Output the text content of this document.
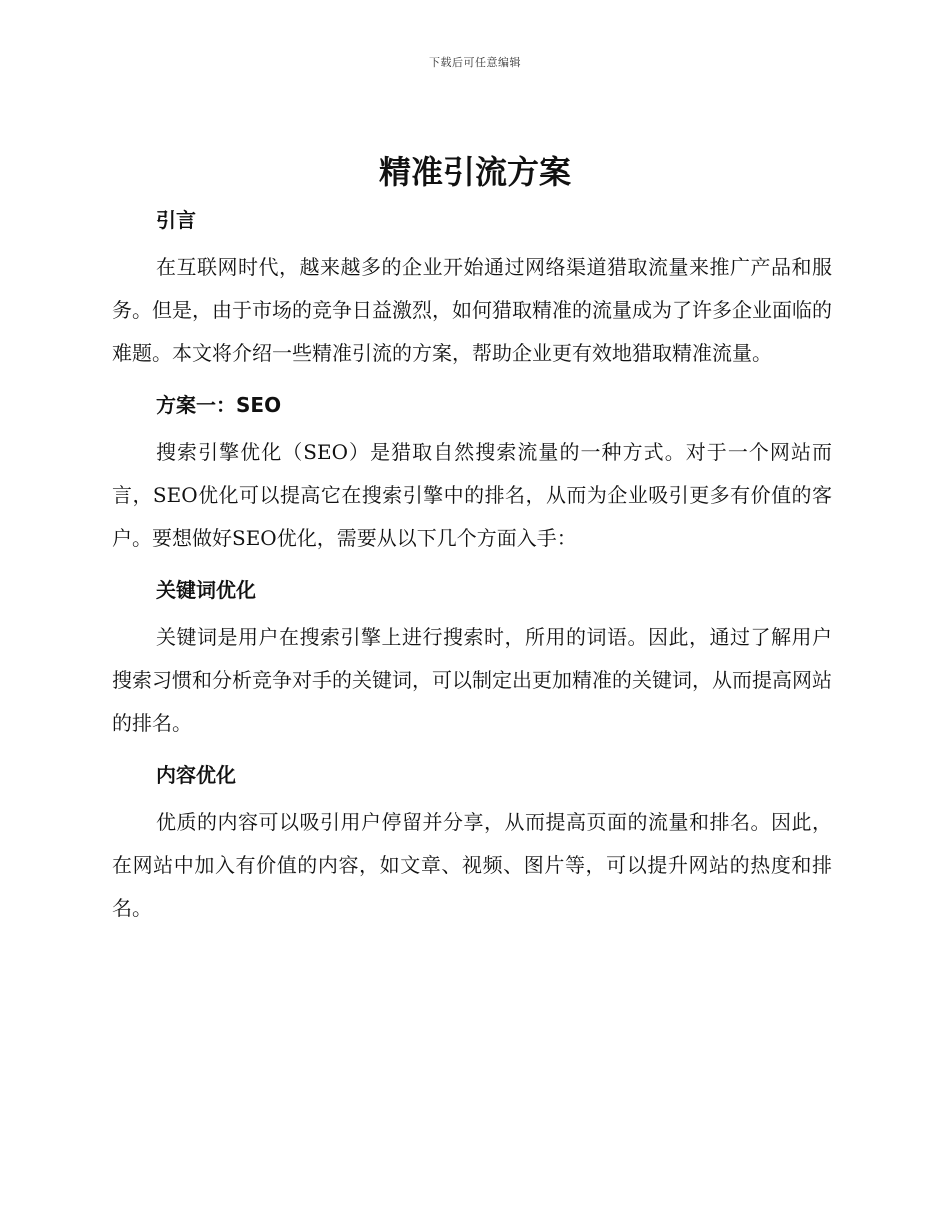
下载后可任意编辑
精准引流方案
引言

在互联网时代，越来越多的企业开始通过网络渠道猎取流量来推广产品和服务。但是，由于市场的竞争日益激烈，如何猎取精准的流量成为了许多企业面临的难题。本文将介绍一些精准引流的方案，帮助企业更有效地猎取精准流量。

方案一：SEO

搜索引擎优化（SEO）是猎取自然搜索流量的一种方式。对于一个网站而言，SEO优化可以提高它在搜索引擎中的排名，从而为企业吸引更多有价值的客户。要想做好SEO优化，需要从以下几个方面入手：

关键词优化

关键词是用户在搜索引擎上进行搜索时，所用的词语。因此，通过了解用户搜索习惯和分析竞争对手的关键词，可以制定出更加精准的关键词，从而提高网站的排名。

内容优化

优质的内容可以吸引用户停留并分享，从而提高页面的流量和排名。因此，在网站中加入有价值的内容，如文章、视频、图片等，可以提升网站的热度和排名。
